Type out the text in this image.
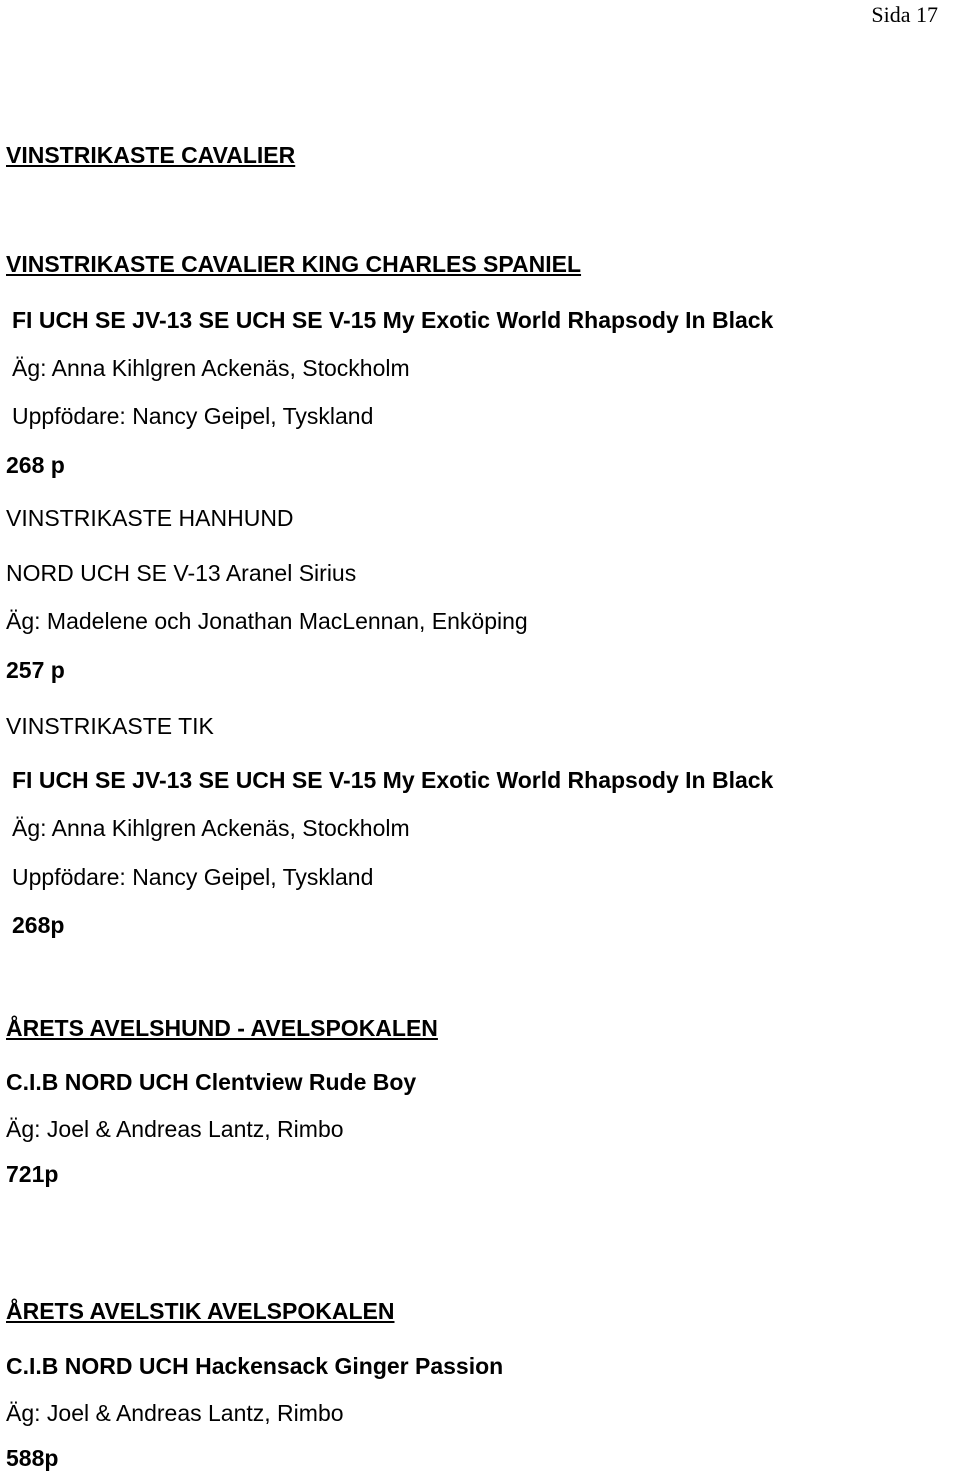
Sida 17
VINSTRIKASTE CAVALIER
VINSTRIKASTE CAVALIER KING CHARLES SPANIEL
FI UCH SE JV-13 SE UCH SE V-15 My Exotic World Rhapsody In Black
Äg: Anna Kihlgren Ackenäs, Stockholm
Uppfödare: Nancy Geipel, Tyskland
268 p
VINSTRIKASTE HANHUND
NORD UCH SE V-13 Aranel Sirius
Äg: Madelene och Jonathan MacLennan, Enköping
257 p
VINSTRIKASTE TIK
FI UCH SE JV-13 SE UCH SE V-15 My Exotic World Rhapsody In Black
Äg: Anna Kihlgren Ackenäs, Stockholm
Uppfödare: Nancy Geipel, Tyskland
268p
ÅRETS AVELSHUND - AVELSPOKALEN
C.I.B NORD UCH Clentview Rude Boy
Äg: Joel & Andreas Lantz, Rimbo
721p
ÅRETS AVELSTIK AVELSPOKALEN
C.I.B NORD UCH Hackensack Ginger Passion
Äg: Joel & Andreas Lantz, Rimbo
588p
